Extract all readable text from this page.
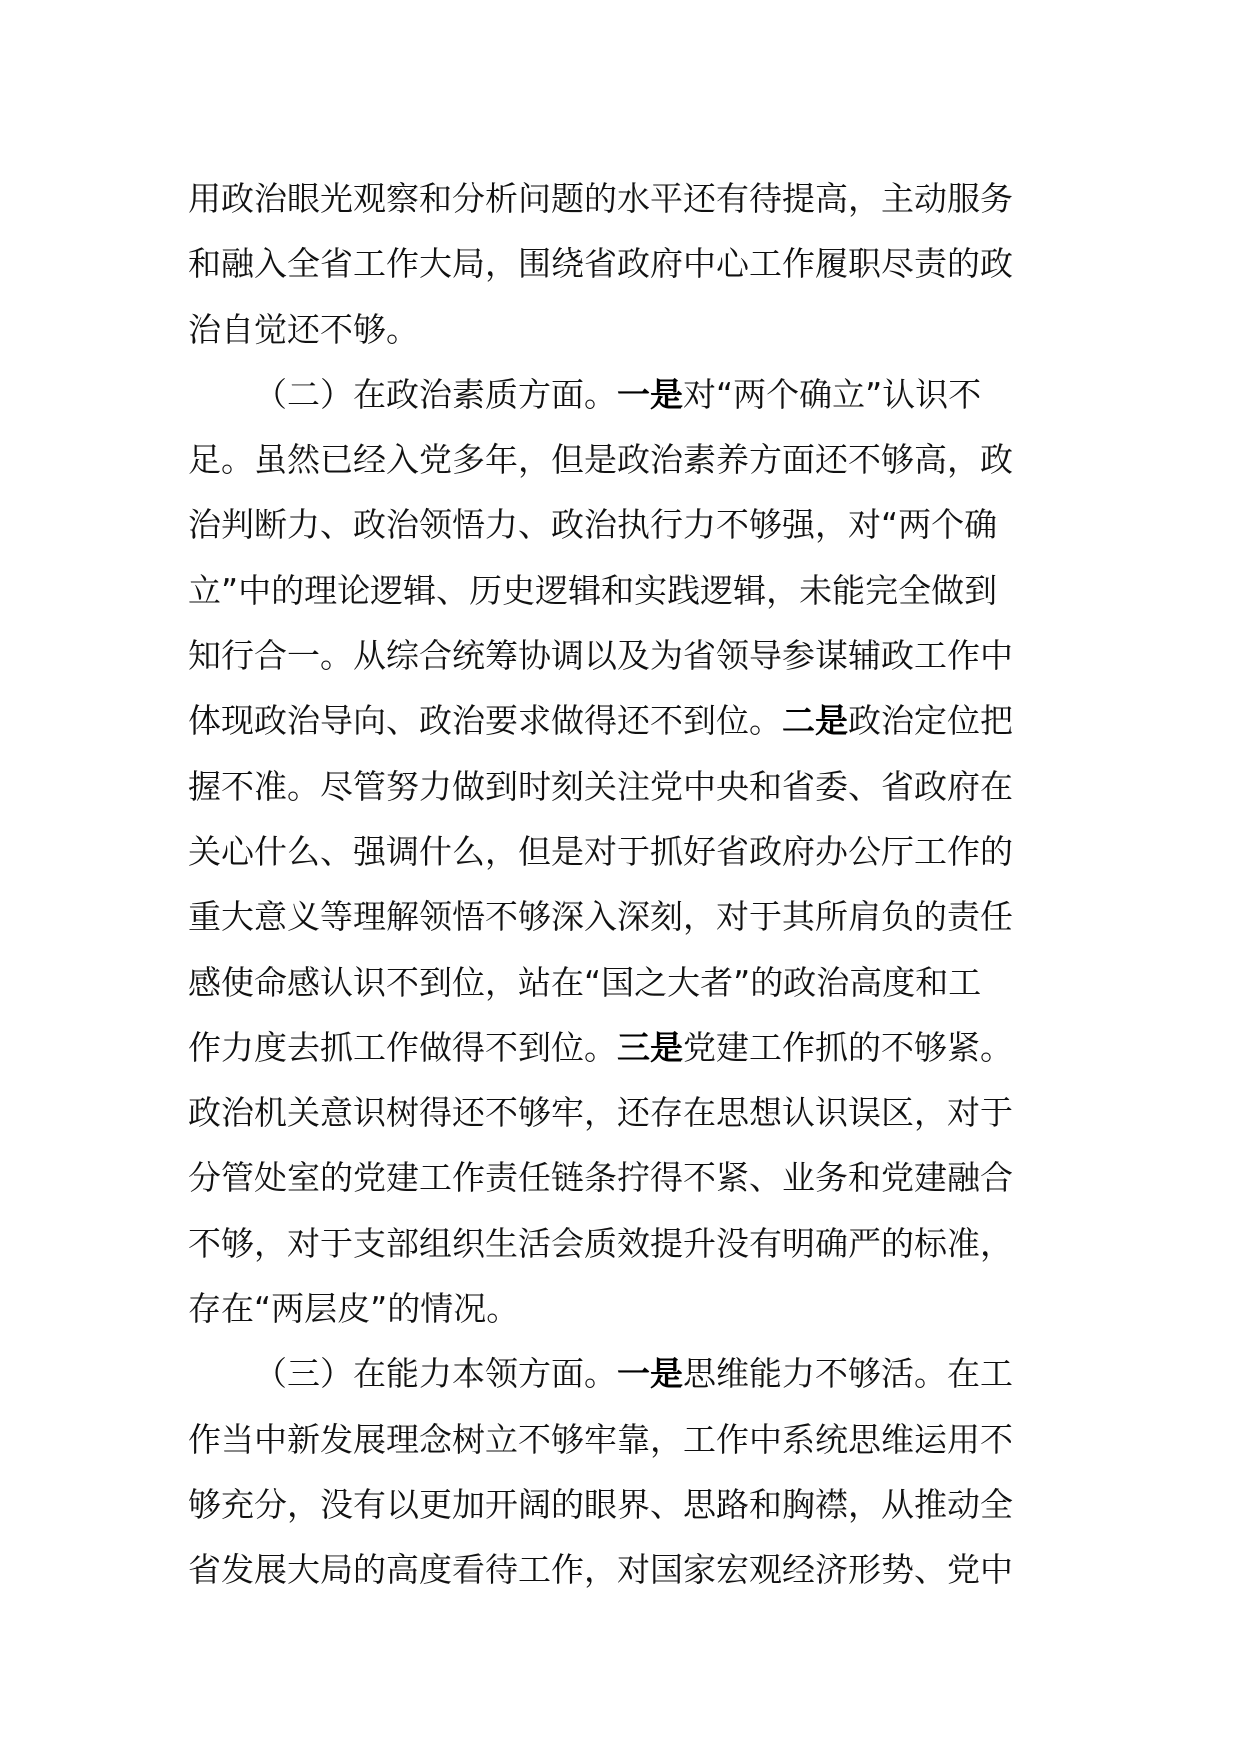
用政治眼光观察和分析问题的水平还有待提高，主动服务
和融入全省工作大局，围绕省政府中心工作履职尽责的政
治自觉还不够。
（二）在政治素质方面。一是对“两个确立”认识不
足。虽然已经入党多年，但是政治素养方面还不够高，政
治判断力、政治领悟力、政治执行力不够强，对“两个确
立”中的理论逻辑、历史逻辑和实践逻辑，未能完全做到
知行合一。从综合统筹协调以及为省领导参谋辅政工作中
体现政治导向、政治要求做得还不到位。二是政治定位把
握不准。尽管努力做到时刻关注党中央和省委、省政府在
关心什么、强调什么，但是对于抓好省政府办公厅工作的
重大意义等理解领悟不够深入深刻，对于其所肩负的责任
感使命感认识不到位，站在“国之大者”的政治高度和工
作力度去抓工作做得不到位。三是党建工作抓的不够紧。
政治机关意识树得还不够牢，还存在思想认识误区，对于
分管处室的党建工作责任链条拧得不紧、业务和党建融合
不够，对于支部组织生活会质效提升没有明确严的标准，
存在“两层皮”的情况。
（三）在能力本领方面。一是思维能力不够活。在工
作当中新发展理念树立不够牢靠，工作中系统思维运用不
够充分，没有以更加开阔的眼界、思路和胸襟，从推动全
省发展大局的高度看待工作，对国家宏观经济形势、党中
